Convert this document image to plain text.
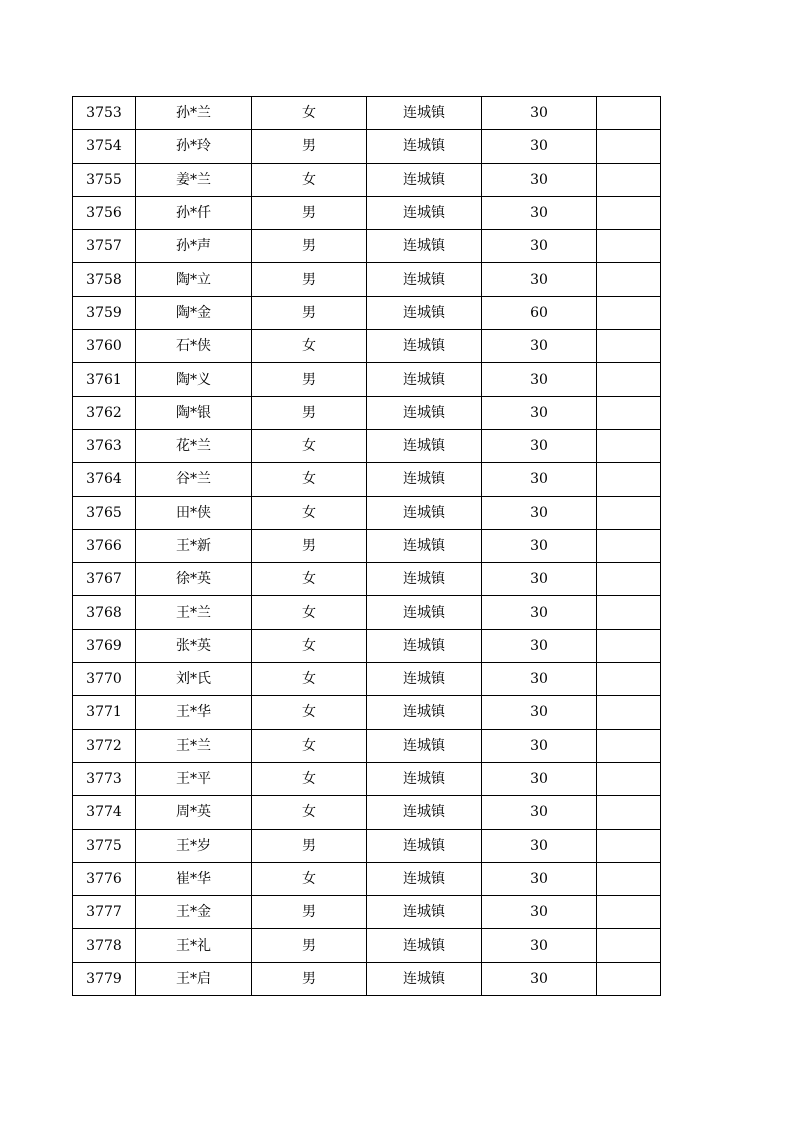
3753	孙*兰	女	连城镇	30	
3754	孙*玲	男	连城镇	30	
3755	姜*兰	女	连城镇	30	
3756	孙*仟	男	连城镇	30	
3757	孙*声	男	连城镇	30	
3758	陶*立	男	连城镇	30	
3759	陶*金	男	连城镇	60	
3760	石*侠	女	连城镇	30	
3761	陶*义	男	连城镇	30	
3762	陶*银	男	连城镇	30	
3763	花*兰	女	连城镇	30	
3764	谷*兰	女	连城镇	30	
3765	田*侠	女	连城镇	30	
3766	王*新	男	连城镇	30	
3767	徐*英	女	连城镇	30	
3768	王*兰	女	连城镇	30	
3769	张*英	女	连城镇	30	
3770	刘*氏	女	连城镇	30	
3771	王*华	女	连城镇	30	
3772	王*兰	女	连城镇	30	
3773	王*平	女	连城镇	30	
3774	周*英	女	连城镇	30	
3775	王*岁	男	连城镇	30	
3776	崔*华	女	连城镇	30	
3777	王*金	男	连城镇	30	
3778	王*礼	男	连城镇	30	
3779	王*启	男	连城镇	30	
